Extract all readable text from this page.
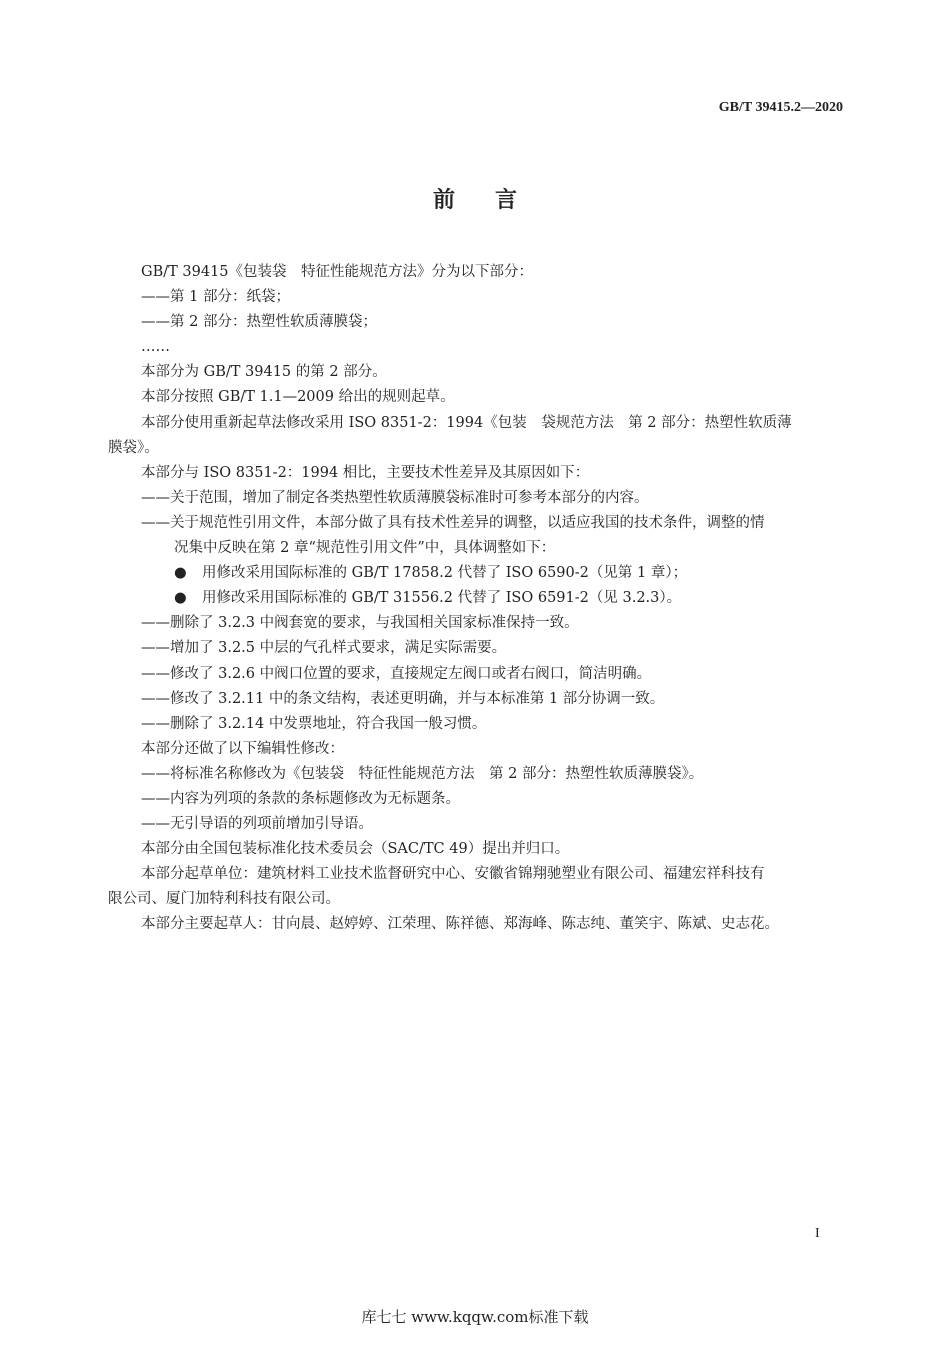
GB/T 39415.2—2020
前言
GB/T 39415《包装袋　特征性能规范方法》分为以下部分：
——第 1 部分：纸袋；
——第 2 部分：热塑性软质薄膜袋；
……
本部分为 GB/T 39415 的第 2 部分。
本部分按照 GB/T 1.1—2009 给出的规则起草。
本部分使用重新起草法修改采用 ISO 8351-2：1994《包装　袋规范方法　第 2 部分：热塑性软质薄
膜袋》。
本部分与 ISO 8351-2：1994 相比，主要技术性差异及其原因如下：
——关于范围，增加了制定各类热塑性软质薄膜袋标准时可参考本部分的内容。
——关于规范性引用文件，本部分做了具有技术性差异的调整，以适应我国的技术条件，调整的情
况集中反映在第 2 章“规范性引用文件”中，具体调整如下：
● 用修改采用国际标准的 GB/T 17858.2 代替了 ISO 6590-2（见第 1 章）；
● 用修改采用国际标准的 GB/T 31556.2 代替了 ISO 6591-2（见 3.2.3）。
——删除了 3.2.3 中阀套宽的要求，与我国相关国家标准保持一致。
——增加了 3.2.5 中层的气孔样式要求，满足实际需要。
——修改了 3.2.6 中阀口位置的要求，直接规定左阀口或者右阀口，简洁明确。
——修改了 3.2.11 中的条文结构，表述更明确，并与本标准第 1 部分协调一致。
——删除了 3.2.14 中发票地址，符合我国一般习惯。
本部分还做了以下编辑性修改：
——将标准名称修改为《包装袋　特征性能规范方法　第 2 部分：热塑性软质薄膜袋》。
——内容为列项的条款的条标题修改为无标题条。
——无引导语的列项前增加引导语。
本部分由全国包装标准化技术委员会（SAC/TC 49）提出并归口。
本部分起草单位：建筑材料工业技术监督研究中心、安徽省锦翔驰塑业有限公司、福建宏祥科技有
限公司、厦门加特利科技有限公司。
本部分主要起草人：甘向晨、赵婷婷、江荣理、陈祥德、郑海峰、陈志纯、董笑宇、陈斌、史志花。
I
库七七 www.kqqw.com标准下载
